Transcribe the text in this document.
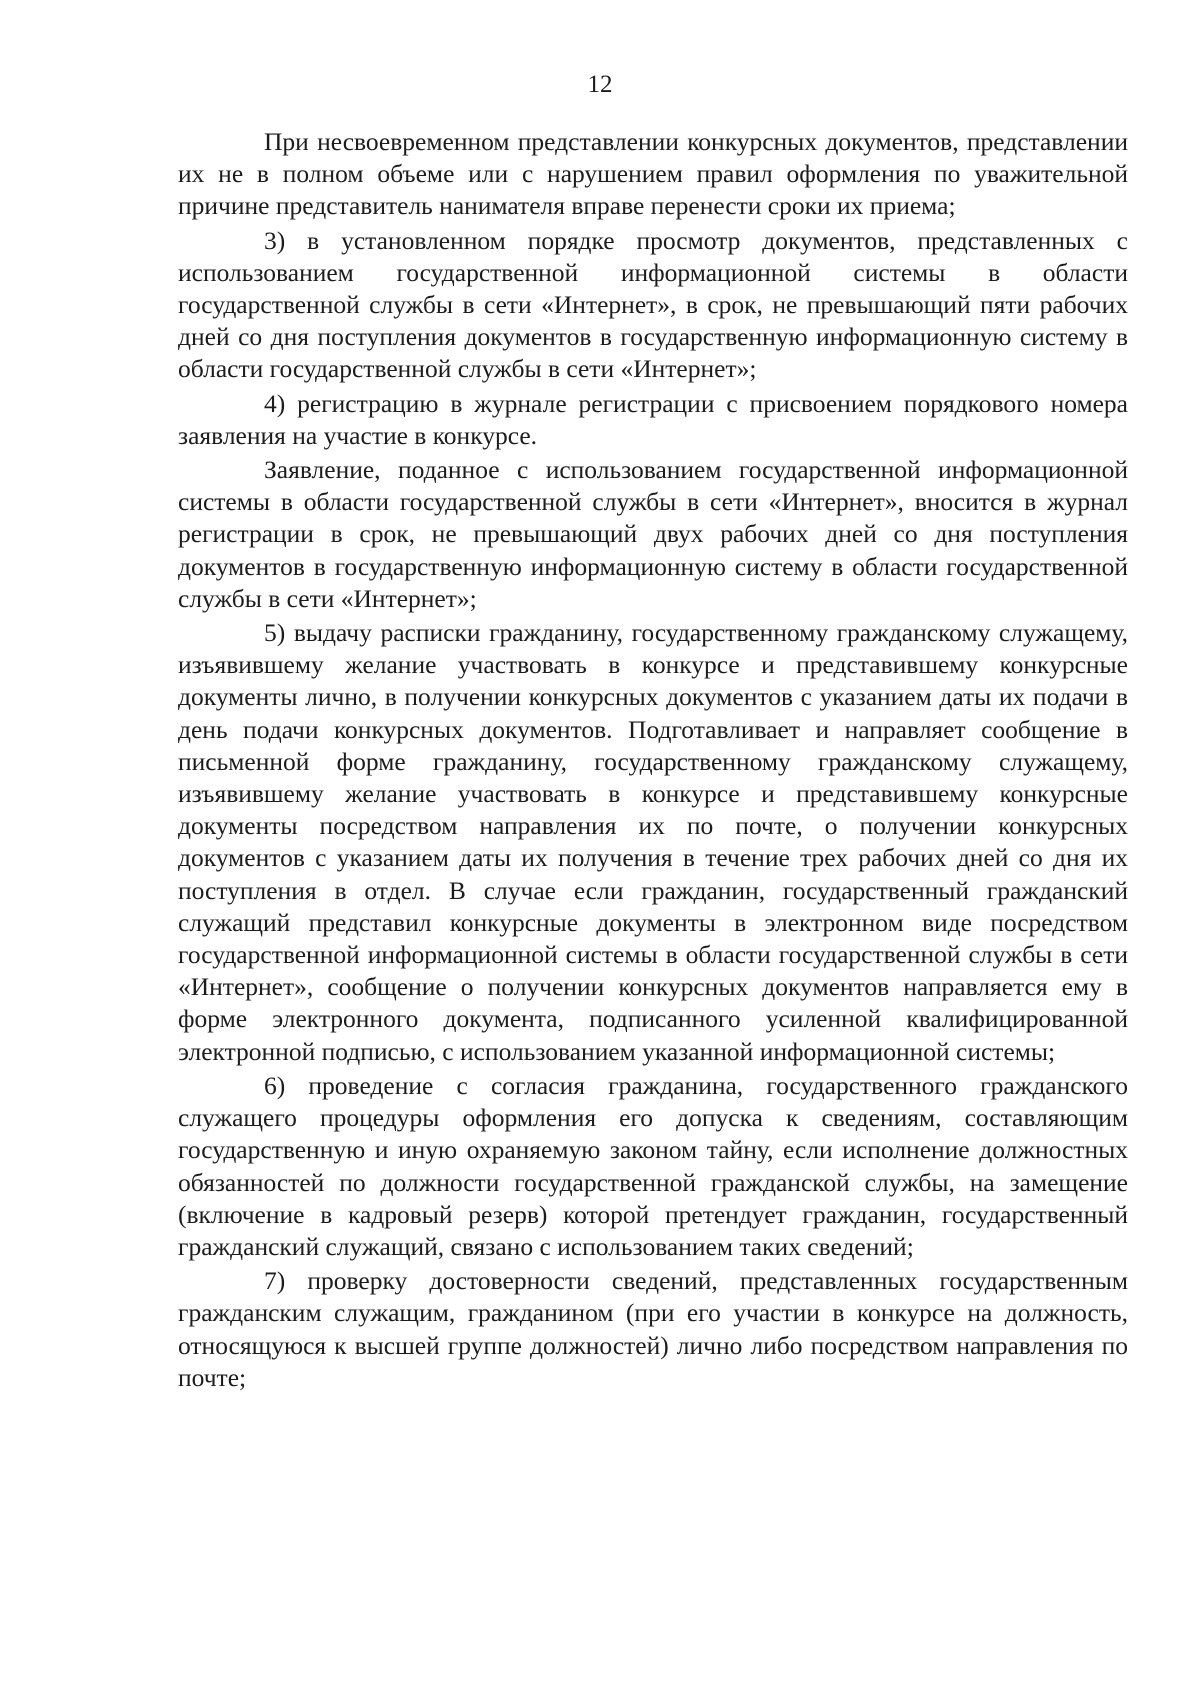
12

При несвоевременном представлении конкурсных документов, представлении их не в полном объеме или с нарушением правил оформления по уважительной причине представитель нанимателя вправе перенести сроки их приема;

3) в установленном порядке просмотр документов, представленных с использованием государственной информационной системы в области государственной службы в сети «Интернет», в срок, не превышающий пяти рабочих дней со дня поступления документов в государственную информационную систему в области государственной службы в сети «Интернет»;

4) регистрацию в журнале регистрации с присвоением порядкового номера заявления на участие в конкурсе.

Заявление, поданное с использованием государственной информационной системы в области государственной службы в сети «Интернет», вносится в журнал регистрации в срок, не превышающий двух рабочих дней со дня поступления документов в государственную информационную систему в области государственной службы в сети «Интернет»;

5) выдачу расписки гражданину, государственному гражданскому служащему, изъявившему желание участвовать в конкурсе и представившему конкурсные документы лично, в получении конкурсных документов с указанием даты их подачи в день подачи конкурсных документов. Подготавливает и направляет сообщение в письменной форме гражданину, государственному гражданскому служащему, изъявившему желание участвовать в конкурсе и представившему конкурсные документы посредством направления их по почте, о получении конкурсных документов с указанием даты их получения в течение трех рабочих дней со дня их поступления в отдел. В случае если гражданин, государственный гражданский служащий представил конкурсные документы в электронном виде посредством государственной информационной системы в области государственной службы в сети «Интернет», сообщение о получении конкурсных документов направляется ему в форме электронного документа, подписанного усиленной квалифицированной электронной подписью, с использованием указанной информационной системы;

6) проведение с согласия гражданина, государственного гражданского служащего процедуры оформления его допуска к сведениям, составляющим государственную и иную охраняемую законом тайну, если исполнение должностных обязанностей по должности государственной гражданской службы, на замещение (включение в кадровый резерв) которой претендует гражданин, государственный гражданский служащий, связано с использованием таких сведений;

7) проверку достоверности сведений, представленных государственным гражданским служащим, гражданином (при его участии в конкурсе на должность, относящуюся к высшей группе должностей) лично либо посредством направления по почте;
